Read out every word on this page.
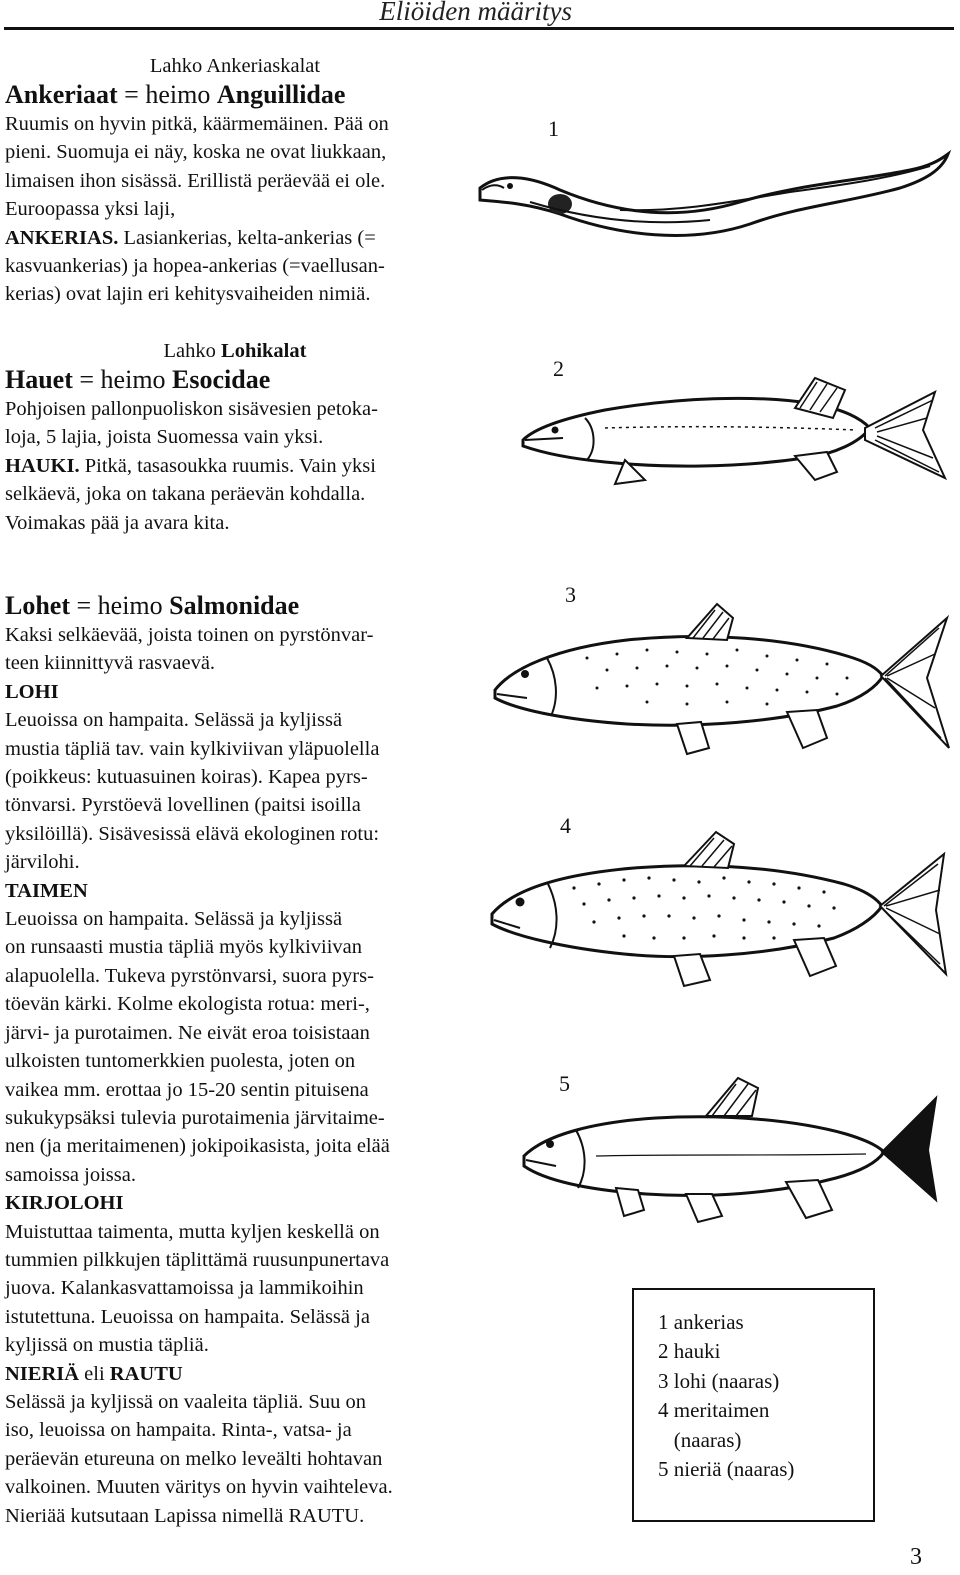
Eliöiden määritys
Lahko Ankeriaskalat
Ankeriaat = heimo Anguillidae

Ruumis on hyvin pitkä, käärmemäinen. Pää on

pieni. Suomuja ei näy, koska ne ovat liukkaan,

limaisen ihon sisässä. Erillistä peräevää ei ole.

Euroopassa yksi laji,

ANKERIAS. Lasiankerias, kelta-ankerias (=

kasvuankerias) ja hopea-ankerias (=vaellusan-

kerias) ovat lajin eri kehitysvaiheiden nimiä.

Lahko Lohikalat
Hauet = heimo Esocidae

Pohjoisen pallonpuoliskon sisävesien petoka-

loja, 5 lajia, joista Suomessa vain yksi.

HAUKI. Pitkä, tasasoukka ruumis. Vain yksi

selkäevä, joka on takana peräevän kohdalla.

Voimakas pää ja avara kita.

Lohet = heimo Salmonidae

Kaksi selkäevää, joista toinen on pyrstönvar-

teen kiinnittyvä rasvaevä.

LOHI

Leuoissa on hampaita. Selässä ja kyljissä

mustia täpliä tav. vain kylkiviivan yläpuolella

(poikkeus: kutuasuinen koiras). Kapea pyrs-

tönvarsi. Pyrstöevä lovellinen (paitsi isoilla

yksilöillä). Sisävesissä elävä ekologinen rotu:

järvilohi.

TAIMEN

Leuoissa on hampaita. Selässä ja kyljissä

on runsaasti mustia täpliä myös kylkiviivan

alapuolella. Tukeva pyrstönvarsi, suora pyrs-

töevän kärki. Kolme ekologista rotua: meri-,

järvi- ja purotaimen. Ne eivät eroa toisistaan

ulkoisten tuntomerkkien puolesta, joten on

vaikea mm. erottaa jo 15-20 sentin pituisena

sukukypsäksi tulevia purotaimenia järvitaime-

nen (ja meritaimenen) jokipoikasista, joita elää

samoissa joissa.

KIRJOLOHI

Muistuttaa taimenta, mutta kyljen keskellä on

tummien pilkkujen täplittämä ruusunpunertava

juova. Kalankasvattamoissa ja lammikoihin

istutettuna. Leuoissa on hampaita. Selässä ja

kyljissä on mustia täpliä.

NIERIÄ eli RAUTU

Selässä ja kyljissä on vaaleita täpliä. Suu on

iso, leuoissa on hampaita. Rinta-, vatsa- ja

peräevän etureuna on melko leveälti hohtavan

valkoinen. Muuten väritys on hyvin vaihteleva.

Nieriää kutsutaan Lapissa nimellä RAUTU.

1
2
3
4
5
1 ankerias
2 hauki
3 lohi (naaras)
4 meritaimen
(naaras)
5 nieriä (naaras)
3
